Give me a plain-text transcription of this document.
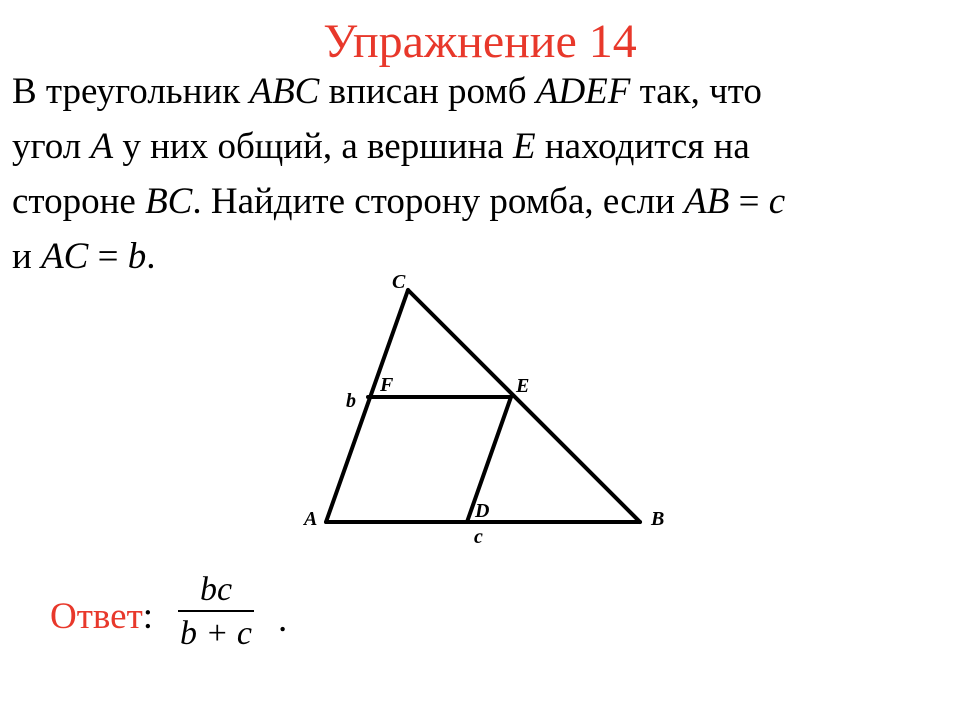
Упражнение 14
В треугольник ABC вписан ромб ADEF так, что
угол A у них общий, а вершина E находится на
стороне BC. Найдите сторону ромба, если AB = c
и AC = b.
C
F	E
b
A	D	B
c
Ответ:
bc
b + c .
